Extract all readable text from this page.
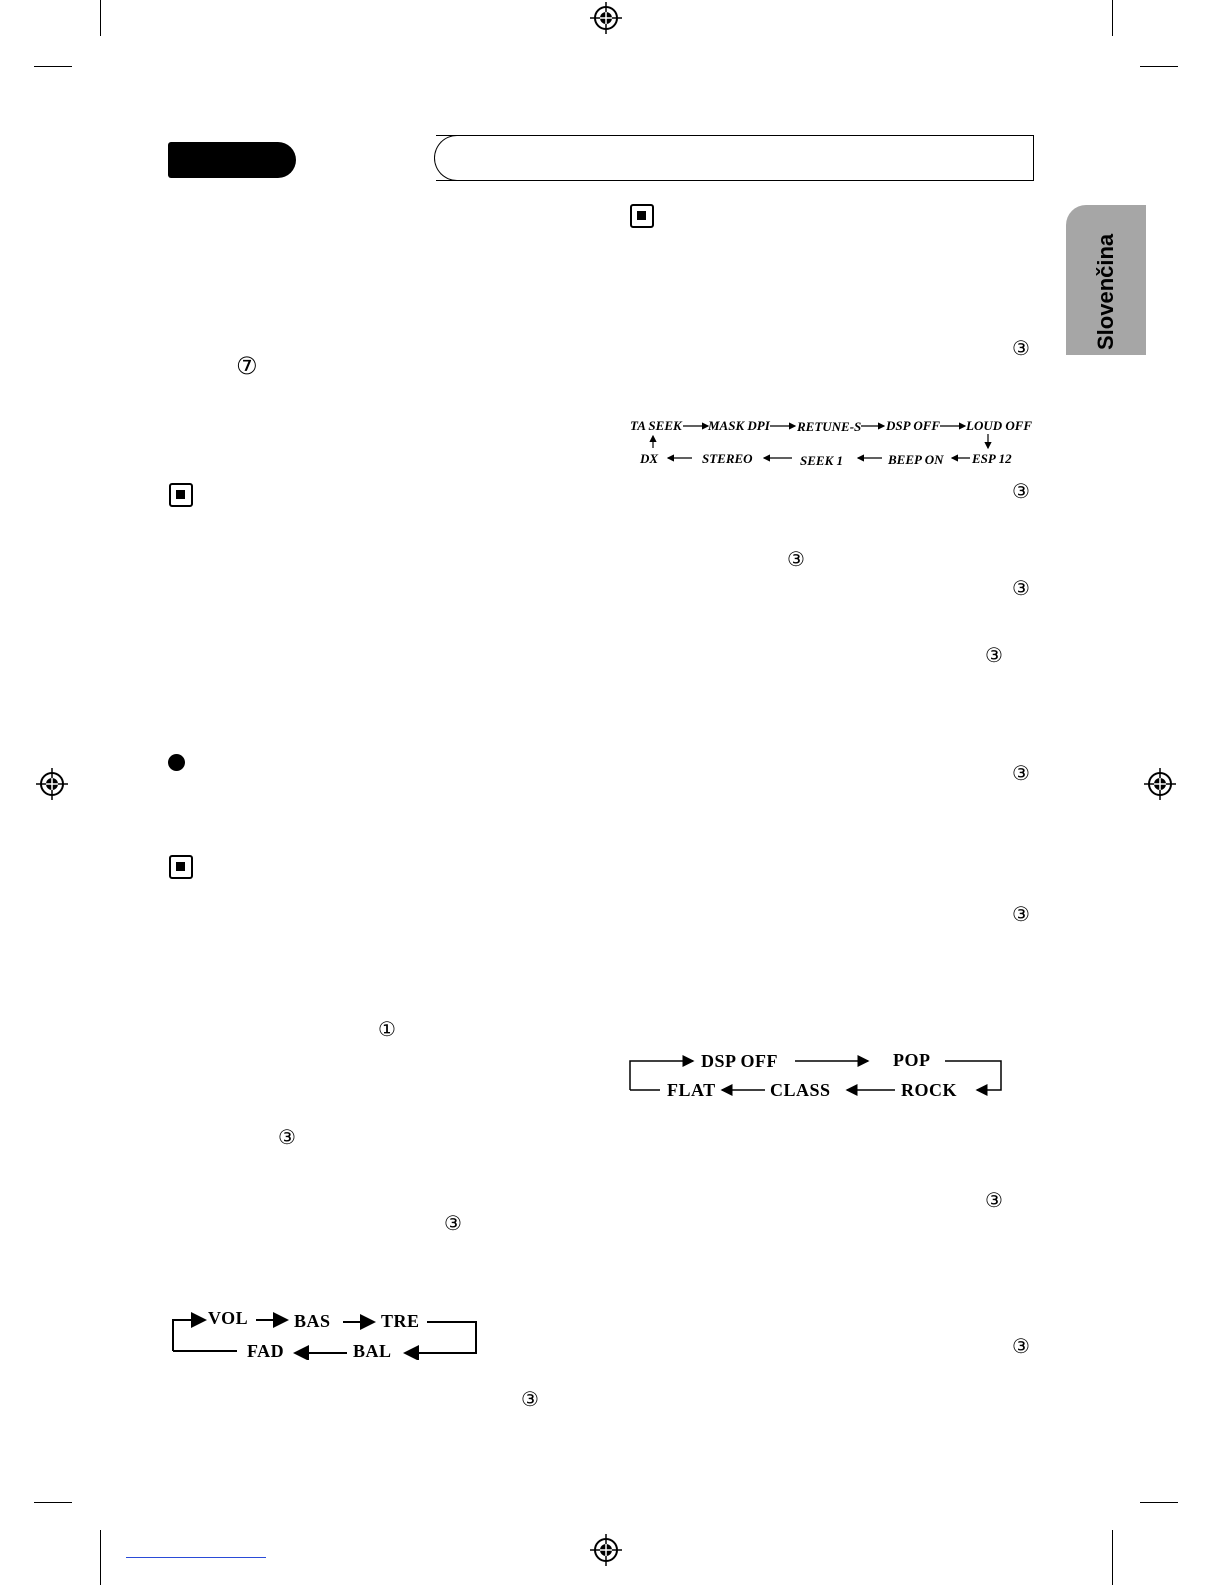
Slovenčina
⑦
①
③
③
③
③
③
③
③
③
③
③
③
③
TA SEEK MASK DPI RETUNE-S DSP OFF LOUD OFF
DX	STEREO	SEEK 1	BEEP ON ESP 12
DSP OFF	POP
FLAT	CLASS	ROCK
VOL	BAS	TRE
FAD	BAL
